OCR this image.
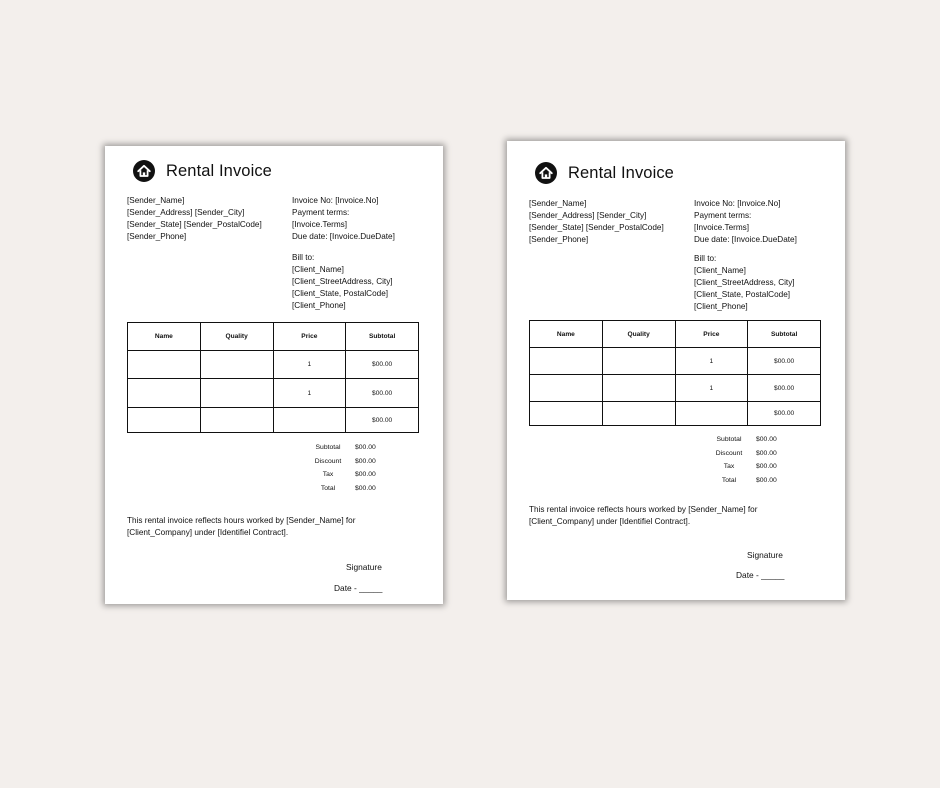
Rental Invoice
[Sender_Name]
[Sender_Address] [Sender_City]
[Sender_State] [Sender_PostalCode]
[Sender_Phone]
Invoice No: [Invoice.No]
Payment terms:
[Invoice.Terms]
Due date: [Invoice.DueDate]
Bill to:
[Client_Name]
[Client_StreetAddress, City]
[Client_State, PostalCode]
[Client_Phone]
Name	Quality	Price	Subtotal
		1	$00.00
		1	$00.00
			$00.00
Subtotal	$00.00
Discount	$00.00
Tax	$00.00
Total	$00.00
This rental invoice reflects hours worked by [Sender_Name] for
[Client_Company] under [Identifiel Contract].
Signature
Date - _____
Rental Invoice
[Sender_Name]
[Sender_Address] [Sender_City]
[Sender_State] [Sender_PostalCode]
[Sender_Phone]
Invoice No: [Invoice.No]
Payment terms:
[Invoice.Terms]
Due date: [Invoice.DueDate]
Bill to:
[Client_Name]
[Client_StreetAddress, City]
[Client_State, PostalCode]
[Client_Phone]
Name	Quality	Price	Subtotal
		1	$00.00
		1	$00.00
			$00.00
Subtotal	$00.00
Discount	$00.00
Tax	$00.00
Total	$00.00
This rental invoice reflects hours worked by [Sender_Name] for
[Client_Company] under [Identifiel Contract].
Signature
Date - _____
